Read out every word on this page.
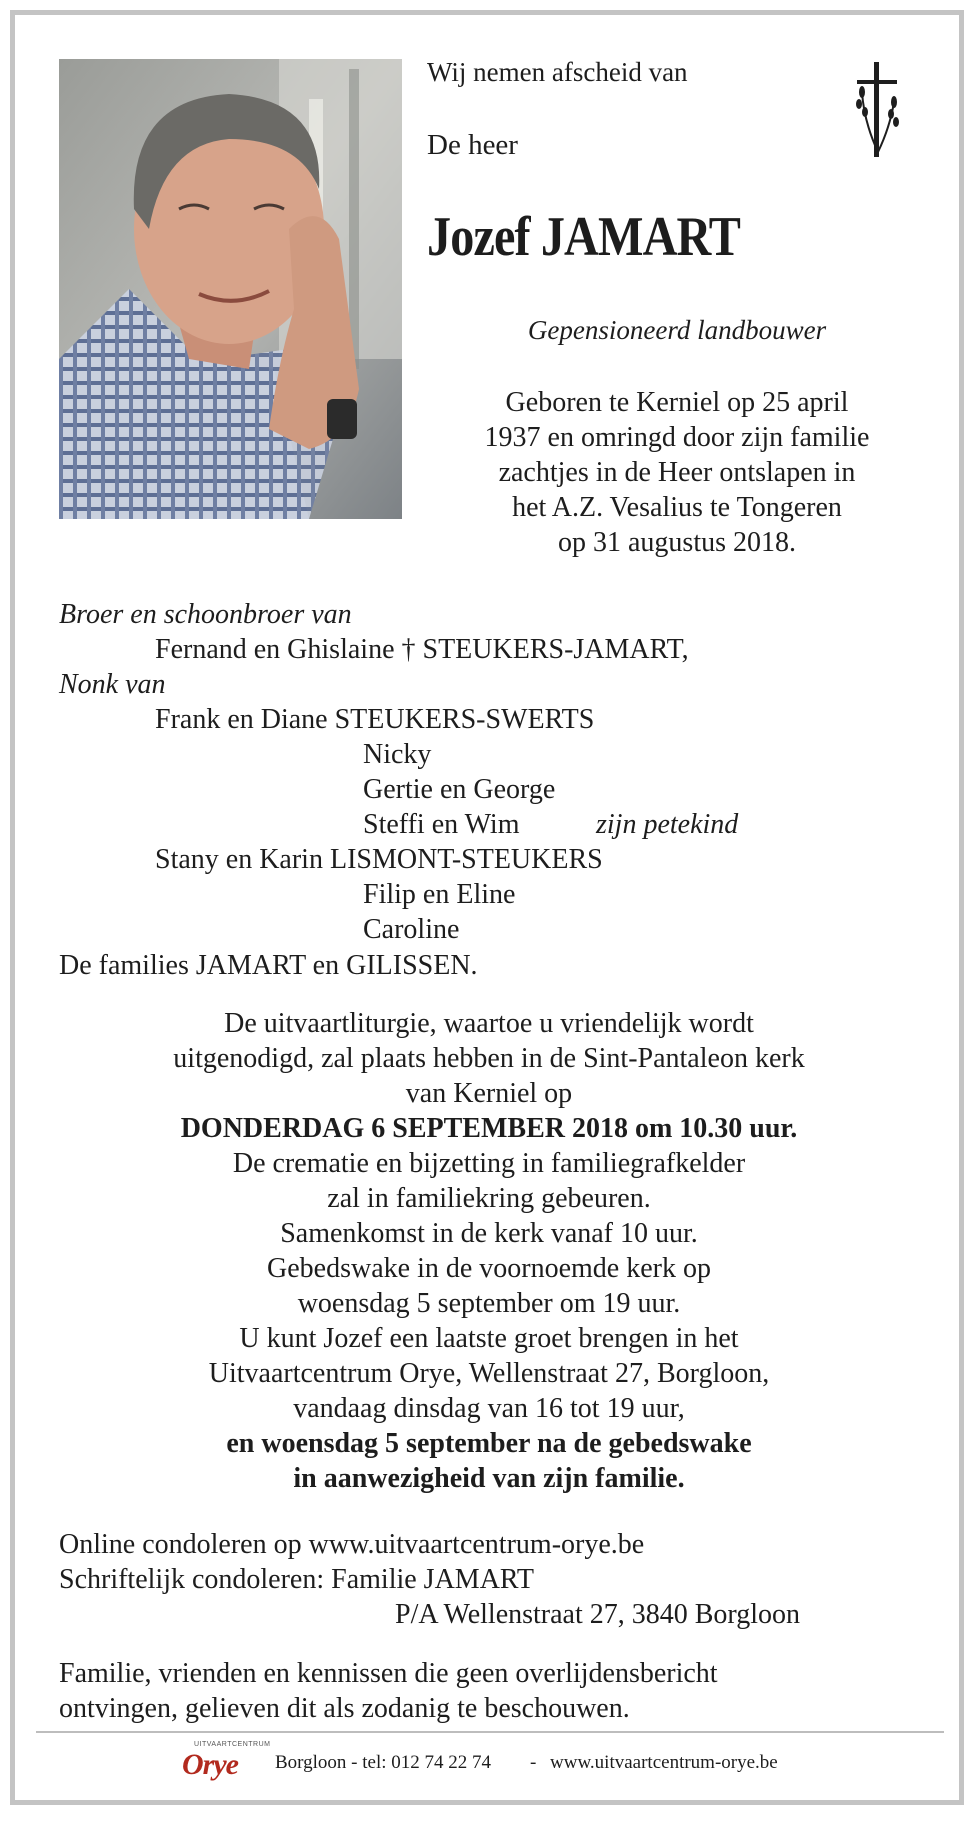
Wij nemen afscheid van
De heer
Jozef JAMART
Gepensioneerd landbouwer
Geboren te Kerniel op 25 april
1937 en omringd door zijn familie
zachtjes in de Heer ontslapen in
het A.Z. Vesalius te Tongeren
op 31 augustus 2018.
Broer en schoonbroer van
Fernand en Ghislaine † STEUKERS-JAMART,
Nonk van
Frank en Diane STEUKERS-SWERTS
Nicky
Gertie en George
Steffi en Wim	zijn petekind
Stany en Karin LISMONT-STEUKERS
Filip en Eline
Caroline
De families JAMART en GILISSEN.
De uitvaartliturgie, waartoe u vriendelijk wordt
uitgenodigd, zal plaats hebben in de Sint-Pantaleon kerk
van Kerniel op
DONDERDAG 6 SEPTEMBER 2018 om 10.30 uur.
De crematie en bijzetting in familiegrafkelder
zal in familiekring gebeuren.
Samenkomst in de kerk vanaf 10 uur.
Gebedswake in de voornoemde kerk op
woensdag 5 september om 19 uur.
U kunt Jozef een laatste groet brengen in het
Uitvaartcentrum Orye, Wellenstraat 27, Borgloon,
vandaag dinsdag van 16 tot 19 uur,
en woensdag 5 september na de gebedswake
in aanwezigheid van zijn familie.
Online condoleren op www.uitvaartcentrum-orye.be
Schriftelijk condoleren: Familie JAMART
P/A Wellenstraat 27, 3840 Borgloon
Familie, vrienden en kennissen die geen overlijdensbericht
ontvingen, gelieven dit als zodanig te beschouwen.
UITVAARTCENTRUM
Orye Borgloon - tel: 012 74 22 74 - www.uitvaartcentrum-orye.be
